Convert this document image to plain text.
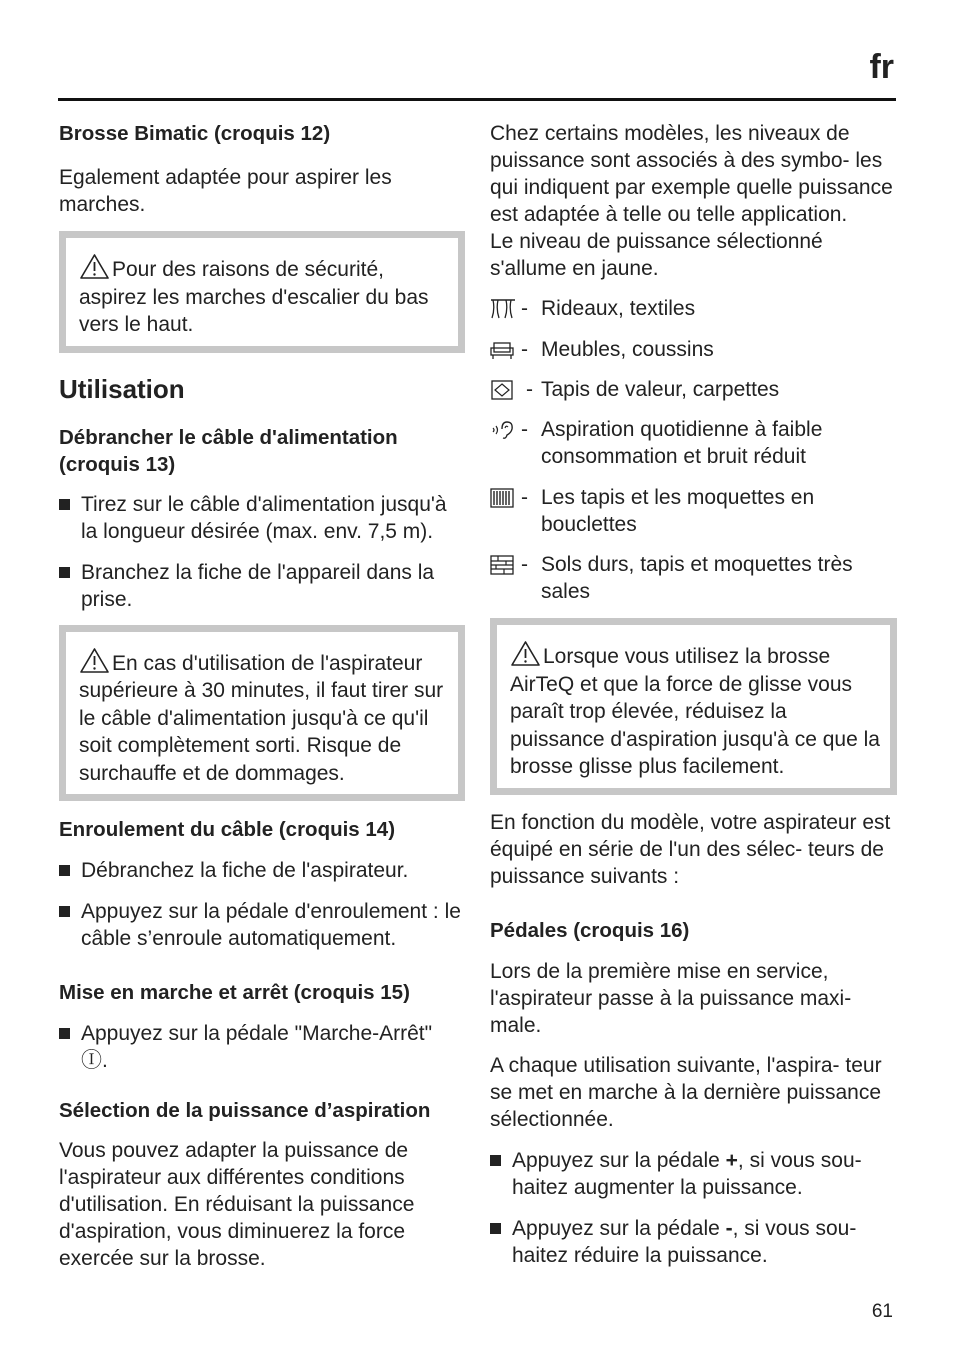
fr
Brosse Bimatic (croquis 12)

Egalement adaptée pour aspirer les marches.

Pour des raisons de sécurité, aspirez les marches d'escalier du bas vers le haut.
Utilisation
Débrancher le câble d'alimentation (croquis 13)
Tirez sur le câble d'alimentation jusqu'à la longueur désirée (max. env. 7,5 m).
Branchez la fiche de l'appareil dans la prise.
En cas d'utilisation de l'aspirateur supérieure à 30 minutes, il faut tirer sur le câble d'alimentation jusqu'à ce qu'il soit complètement sorti. Risque de surchauffe et de dommages.
Enroulement du câble (croquis 14)
Débranchez la fiche de l'aspirateur.
Appuyez sur la pédale d'enroulement : le câble s’enroule automatiquement.
Mise en marche et arrêt (croquis 15)
Appuyez sur la pédale "Marche-Arrêt"
Ⓘ.
Sélection de la puissance d’aspiration

Vous pouvez adapter la puissance de l'aspirateur aux différentes conditions d'utilisation. En réduisant la puissance d'aspiration, vous diminuerez la force exercée sur la brosse.

Chez certains modèles, les niveaux de puissance sont associés à des symbo- les qui indiquent par exemple quelle puissance est adaptée à telle ou telle application.

Le niveau de puissance sélectionné s'allume en jaune.

- Rideaux, textiles
- Meubles, coussins
- Tapis de valeur, carpettes
- Aspiration quotidienne à faible consommation et bruit réduit
- Les tapis et les moquettes en bouclettes
- Sols durs, tapis et moquettes très sales
Lorsque vous utilisez la brosse AirTeQ et que la force de glisse vous paraît trop élevée, réduisez la puissance d'aspiration jusqu'à ce que la brosse glisse plus facilement.

En fonction du modèle, votre aspirateur est équipé en série de l'un des sélec- teurs de puissance suivants :

Pédales (croquis 16)

Lors de la première mise en service, l'aspirateur passe à la puissance maxi- male.

A chaque utilisation suivante, l'aspira- teur se met en marche à la dernière puissance sélectionnée.

Appuyez sur la pédale +, si vous sou- haitez augmenter la puissance.
Appuyez sur la pédale -, si vous sou- haitez réduire la puissance.
61
